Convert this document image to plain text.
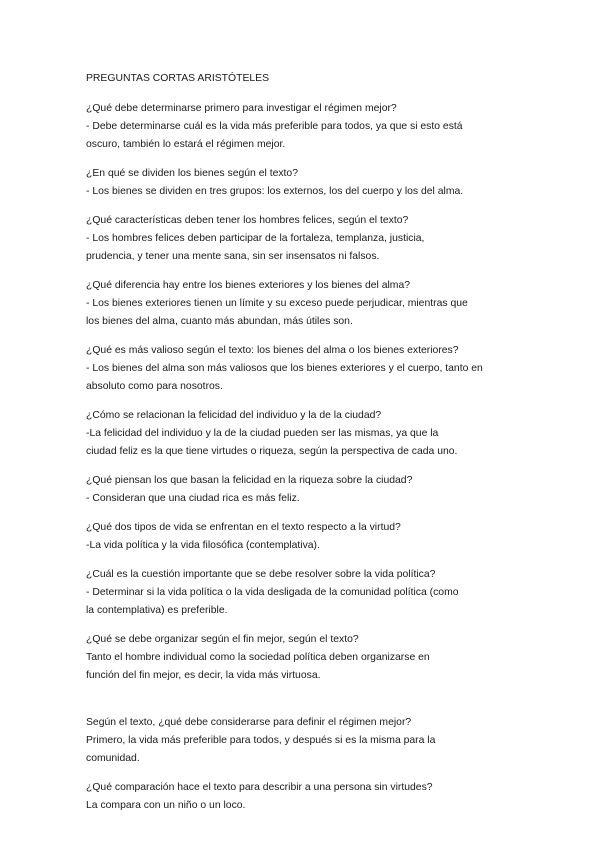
PREGUNTAS CORTAS ARISTÓTELES

¿Qué debe determinarse primero para investigar el régimen mejor?

- Debe determinarse cuál es la vida más preferible para todos, ya que si esto está

oscuro, también lo estará el régimen mejor.

¿En qué se dividen los bienes según el texto?

- Los bienes se dividen en tres grupos: los externos, los del cuerpo y los del alma.

¿Qué características deben tener los hombres felices, según el texto?

- Los hombres felices deben participar de la fortaleza, templanza, justicia,

prudencia, y tener una mente sana, sin ser insensatos ni falsos.

¿Qué diferencia hay entre los bienes exteriores y los bienes del alma?

- Los bienes exteriores tienen un límite y su exceso puede perjudicar, mientras que

los bienes del alma, cuanto más abundan, más útiles son.

¿Qué es más valioso según el texto: los bienes del alma o los bienes exteriores?

- Los bienes del alma son más valiosos que los bienes exteriores y el cuerpo, tanto en

absoluto como para nosotros.

¿Cómo se relacionan la felicidad del individuo y la de la ciudad?

-La felicidad del individuo y la de la ciudad pueden ser las mismas, ya que la

ciudad feliz es la que tiene virtudes o riqueza, según la perspectiva de cada uno.

¿Qué piensan los que basan la felicidad en la riqueza sobre la ciudad?

- Consideran que una ciudad rica es más feliz.

¿Qué dos tipos de vida se enfrentan en el texto respecto a la virtud?

-La vida política y la vida filosófica (contemplativa).

¿Cuál es la cuestión importante que se debe resolver sobre la vida política?

- Determinar si la vida política o la vida desligada de la comunidad política (como

la contemplativa) es preferible.

¿Qué se debe organizar según el fin mejor, según el texto?

Tanto el hombre individual como la sociedad política deben organizarse en

función del fin mejor, es decir, la vida más virtuosa.

Según el texto, ¿qué debe considerarse para definir el régimen mejor?

Primero, la vida más preferible para todos, y después si es la misma para la

comunidad.

¿Qué comparación hace el texto para describir a una persona sin virtudes?

La compara con un niño o un loco.
